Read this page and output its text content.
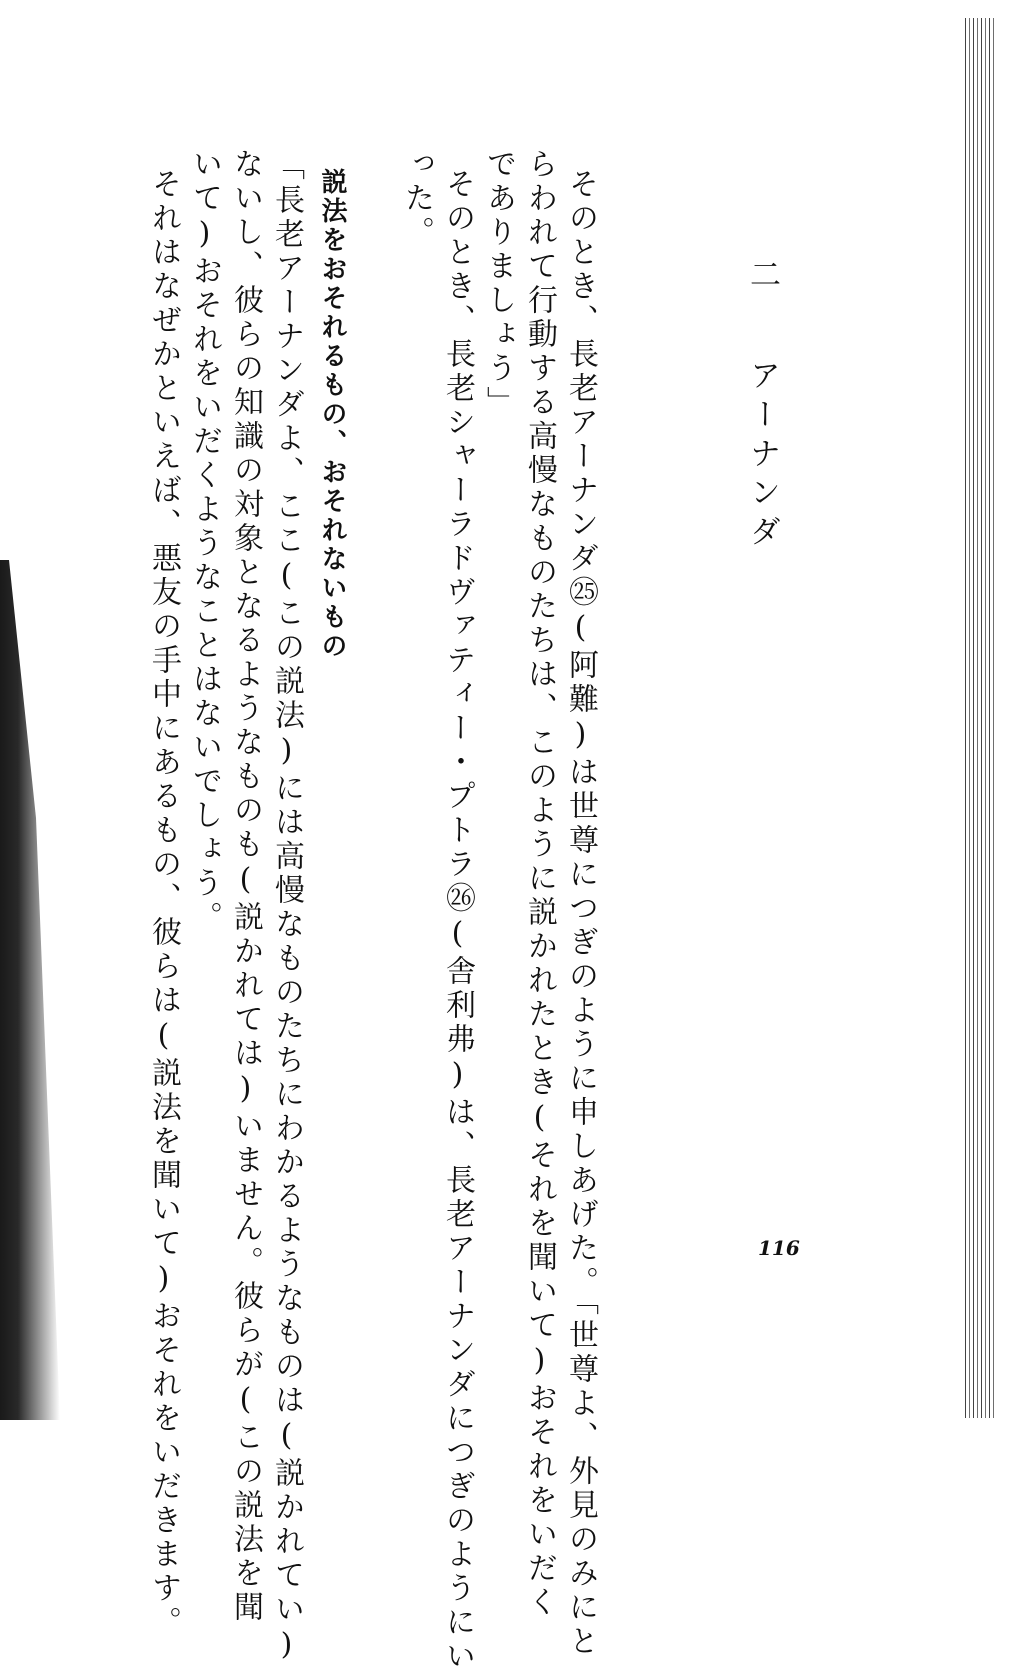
二 アーナンダ
そのとき、長老アーナンダ㉕(阿難)は世尊につぎのように申しあげた。「世尊よ、外見のみにと
らわれて行動する高慢なものたちは、このように説かれたとき(それを聞いて)おそれをいだく
でありましょう」
そのとき、長老シャーラドヴァティー・プトラ㉖(舎利弗)は、長老アーナンダにつぎのようにい
った。
説法をおそれるもの、おそれないもの
「長老アーナンダよ、ここ(この説法)には高慢なものたちにわかるようなものは(説かれてい)
ないし、彼らの知識の対象となるようなものも(説かれては)いません。彼らが(この説法を聞
いて)おそれをいだくようなことはないでしょう。
それはなぜかといえば、悪友の手中にあるもの、彼らは(説法を聞いて)おそれをいだきます。	116
